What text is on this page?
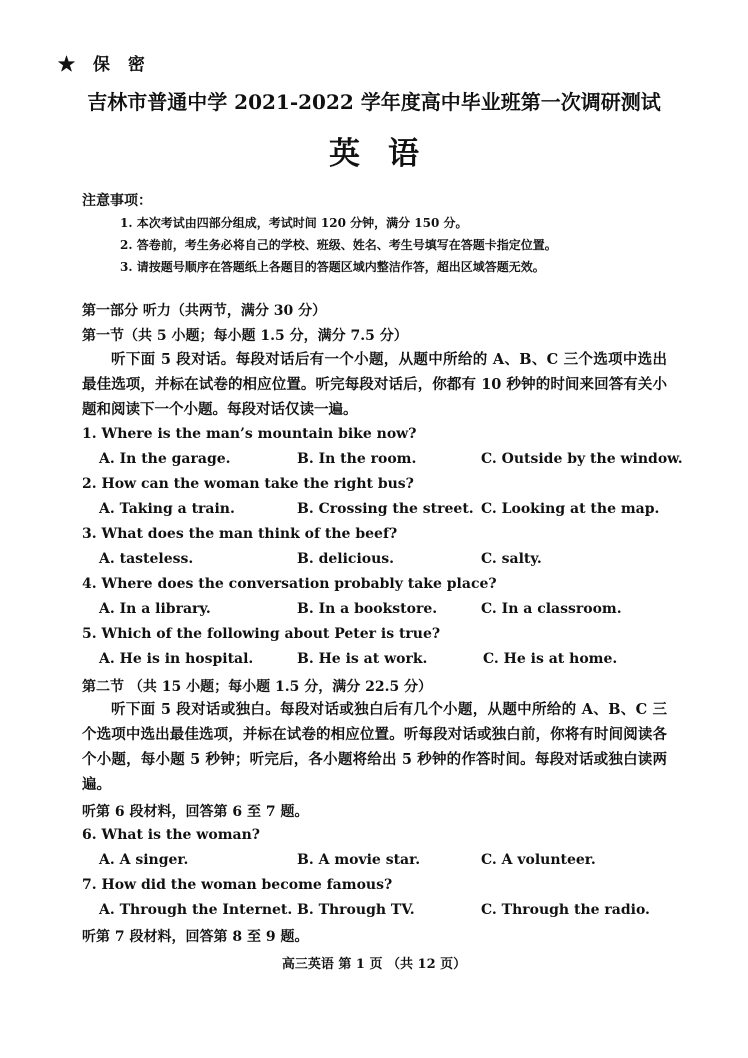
★ 保 密
吉林市普通中学 2021-2022 学年度高中毕业班第一次调研测试
英语
注意事项：
1. 本次考试由四部分组成，考试时间 120 分钟，满分 150 分。
2. 答卷前，考生务必将自己的学校、班级、姓名、考生号填写在答题卡指定位置。
3. 请按题号顺序在答题纸上各题目的答题区域内整洁作答，超出区域答题无效。
第一部分 听力（共两节，满分 30 分）
第一节（共 5 小题；每小题 1.5 分，满分 7.5 分）
听下面 5 段对话。每段对话后有一个小题，从题中所给的 A、B、C 三个选项中选出最佳选项，并标在试卷的相应位置。听完每段对话后，你都有 10 秒钟的时间来回答有关小题和阅读下一个小题。每段对话仅读一遍。
1. Where is the man’s mountain bike now?
A. In the garage.	B. In the room.	C. Outside by the window.
2. How can the woman take the right bus?
A. Taking a train.	B. Crossing the street. C. Looking at the map.
3. What does the man think of the beef?
A. tasteless.	B. delicious.	C. salty.
4. Where does the conversation probably take place?
A. In a library.	B. In a bookstore.	C. In a classroom.
5. Which of the following about Peter is true?
A. He is in hospital.	B. He is at work.	C. He is at home.
第二节 （共 15 小题；每小题 1.5 分，满分 22.5 分）
听下面 5 段对话或独白。每段对话或独白后有几个小题，从题中所给的 A、B、C 三个选项中选出最佳选项，并标在试卷的相应位置。听每段对话或独白前，你将有时间阅读各个小题，每小题 5 秒钟；听完后，各小题将给出 5 秒钟的作答时间。每段对话或独白读两遍。
听第 6 段材料，回答第 6 至 7 题。
6. What is the woman?
A. A singer.	B. A movie star.	C. A volunteer.
7. How did the woman become famous?
A. Through the Internet. B. Through TV.	C. Through the radio.
听第 7 段材料，回答第 8 至 9 题。
高三英语 第 1 页 （共 12 页）
